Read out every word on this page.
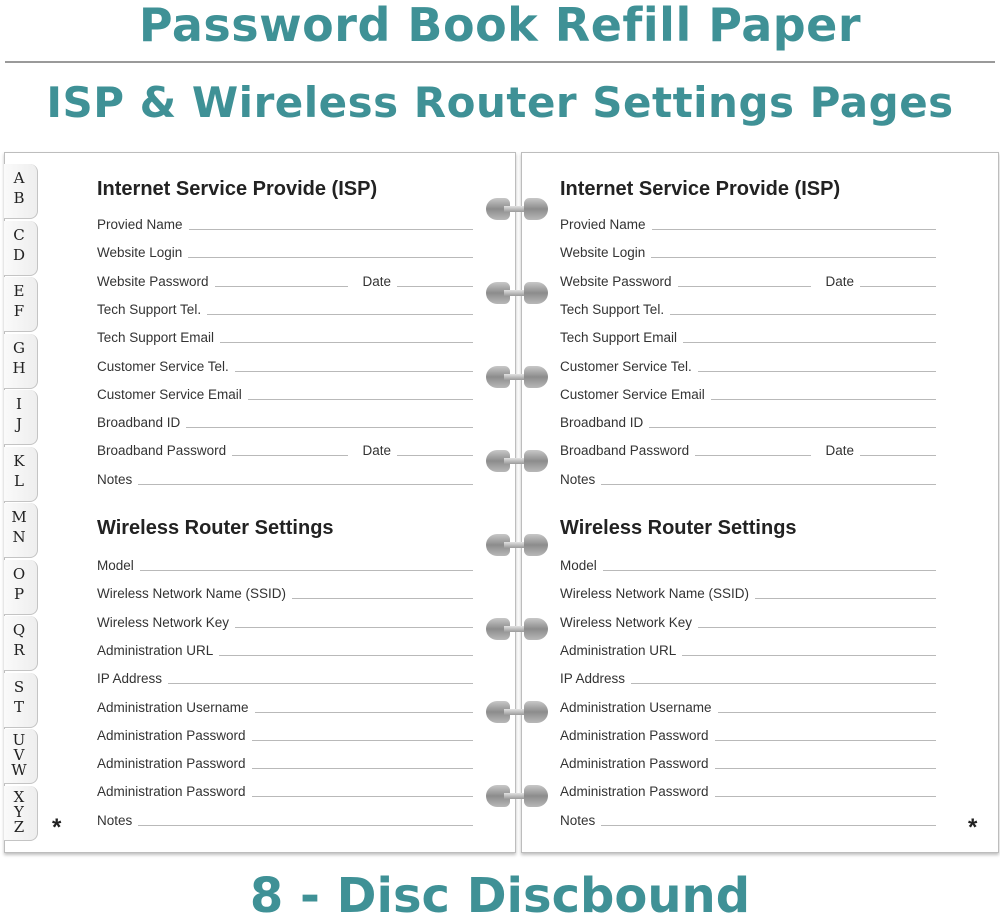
Password Book Refill Paper
ISP & Wireless Router Settings Pages
A
B
C
D
E
F
G
H
I
J
K
L
M
N
O
P
Q
R
S
T
U
V
W
X
Y
Z
Internet Service Provide (ISP)
Provied Name
Website Login
Website Password	Date
Tech Support Tel.
Tech Support Email
Customer Service Tel.
Customer Service Email
Broadband ID
Broadband Password	Date
Notes
Wireless Router Settings
Model
Wireless Network Name (SSID)
Wireless Network Key
Administration URL
IP Address
Administration Username
Administration Password
Administration Password
Administration Password
Notes
Internet Service Provide (ISP)
Provied Name
Website Login
Website Password	Date
Tech Support Tel.
Tech Support Email
Customer Service Tel.
Customer Service Email
Broadband ID
Broadband Password	Date
Notes
Wireless Router Settings
Model
Wireless Network Name (SSID)
Wireless Network Key
Administration URL
IP Address
Administration Username
Administration Password
Administration Password
Administration Password
Notes
*	*
8 - Disc Discbound
